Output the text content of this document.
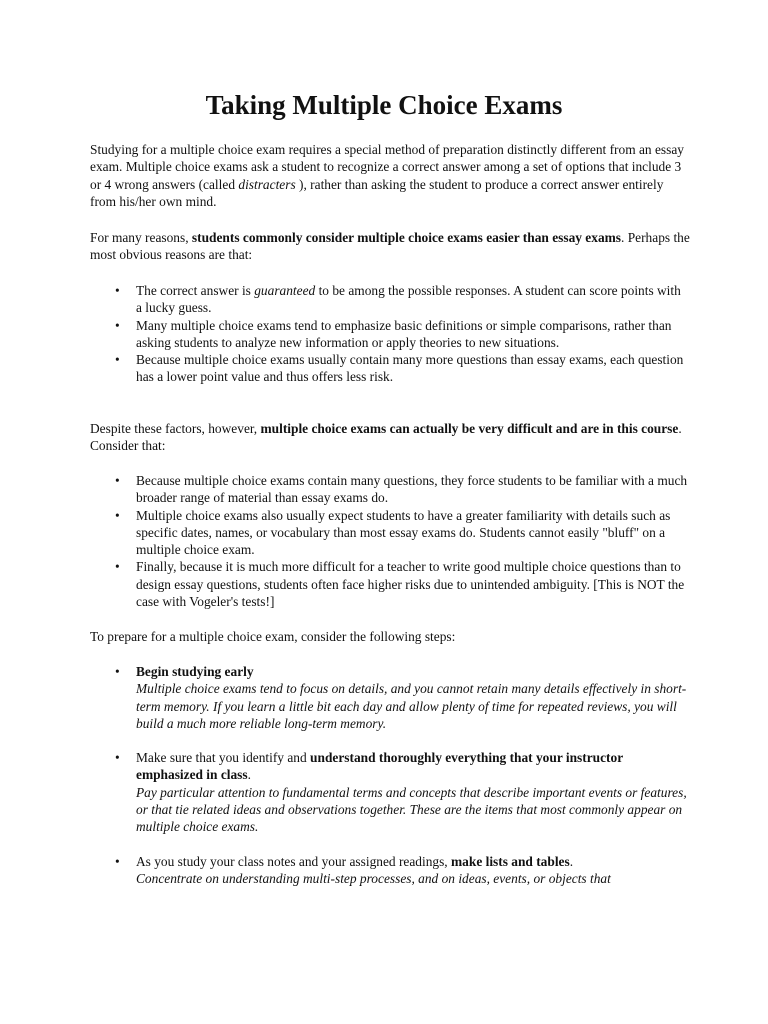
Taking Multiple Choice Exams

Studying for a multiple choice exam requires a special method of preparation distinctly different from an essay exam. Multiple choice exams ask a student to recognize a correct answer among a set of options that include 3 or 4 wrong answers (called distracters ), rather than asking the student to produce a correct answer entirely from his/her own mind.

For many reasons, students commonly consider multiple choice exams easier than essay exams. Perhaps the most obvious reasons are that:

• The correct answer is guaranteed to be among the possible responses. A student can score points with a lucky guess.
• Many multiple choice exams tend to emphasize basic definitions or simple comparisons, rather than asking students to analyze new information or apply theories to new situations.
• Because multiple choice exams usually contain many more questions than essay exams, each question has a lower point value and thus offers less risk.

Despite these factors, however, multiple choice exams can actually be very difficult and are in this course. Consider that:

• Because multiple choice exams contain many questions, they force students to be familiar with a much broader range of material than essay exams do.
• Multiple choice exams also usually expect students to have a greater familiarity with details such as specific dates, names, or vocabulary than most essay exams do. Students cannot easily "bluff" on a multiple choice exam.
• Finally, because it is much more difficult for a teacher to write good multiple choice questions than to design essay questions, students often face higher risks due to unintended ambiguity. [This is NOT the case with Vogeler's tests!]

To prepare for a multiple choice exam, consider the following steps:

• Begin studying early
Multiple choice exams tend to focus on details, and you cannot retain many details effectively in short-term memory. If you learn a little bit each day and allow plenty of time for repeated reviews, you will build a much more reliable long-term memory.
• Make sure that you identify and understand thoroughly everything that your instructor emphasized in class.
Pay particular attention to fundamental terms and concepts that describe important events or features, or that tie related ideas and observations together. These are the items that most commonly appear on multiple choice exams.
• As you study your class notes and your assigned readings, make lists and tables.
Concentrate on understanding multi-step processes, and on ideas, events, or objects that
